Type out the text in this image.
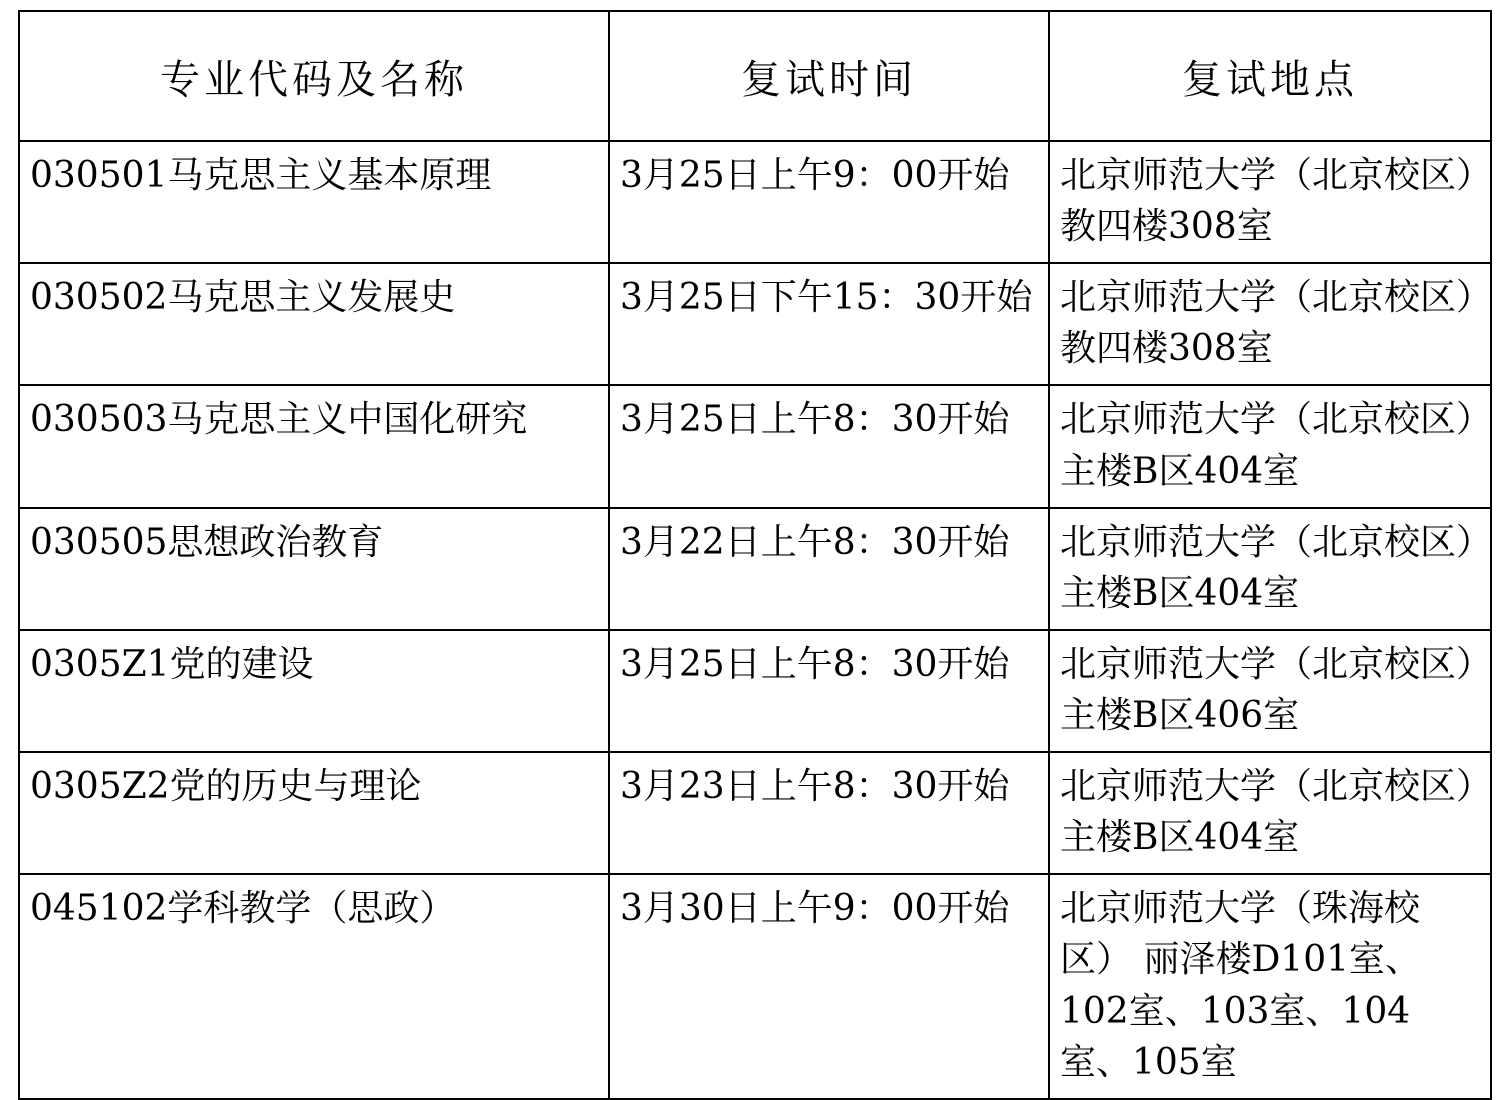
专业代码及名称	复试时间	复试地点
030501马克思主义基本原理	3月25日上午9：00开始	北京师范大学（北京校区）教四楼308室
030502马克思主义发展史	3月25日下午15：30开始	北京师范大学（北京校区）教四楼308室
030503马克思主义中国化研究	3月25日上午8：30开始	北京师范大学（北京校区）主楼B区404室
030505思想政治教育	3月22日上午8：30开始	北京师范大学（北京校区）主楼B区404室
0305Z1党的建设	3月25日上午8：30开始	北京师范大学（北京校区）主楼B区406室
0305Z2党的历史与理论	3月23日上午8：30开始	北京师范大学（北京校区）主楼B区404室
045102学科教学（思政）	3月30日上午9：00开始	北京师范大学（珠海校区） 丽泽楼D101室、102室、103室、104室、105室
